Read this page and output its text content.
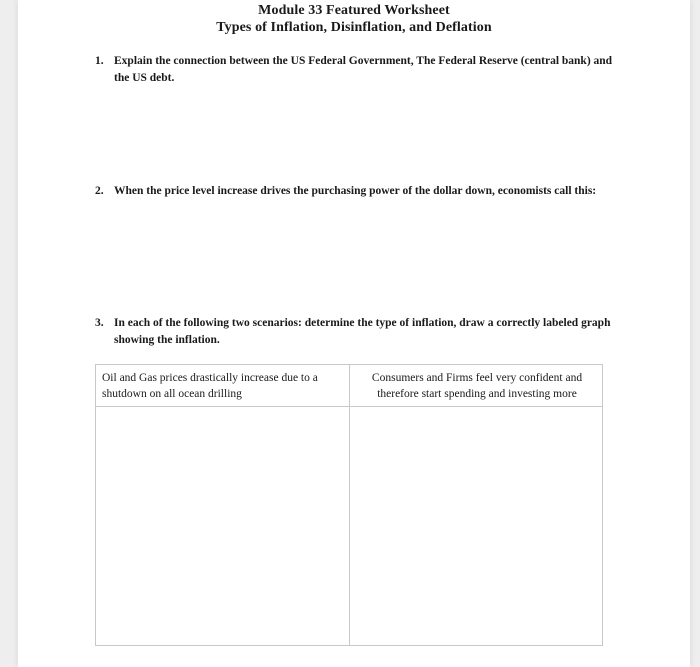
Module 33 Featured Worksheet
Types of Inflation, Disinflation, and Deflation
1. Explain the connection between the US Federal Government, The Federal Reserve (central bank) and the US debt.
2. When the price level increase drives the purchasing power of the dollar down, economists call this:
3. In each of the following two scenarios: determine the type of inflation, draw a correctly labeled graph showing the inflation.
Oil and Gas prices drastically increase due to a shutdown on all ocean drilling
Consumers and Firms feel very confident and therefore start spending and investing more
